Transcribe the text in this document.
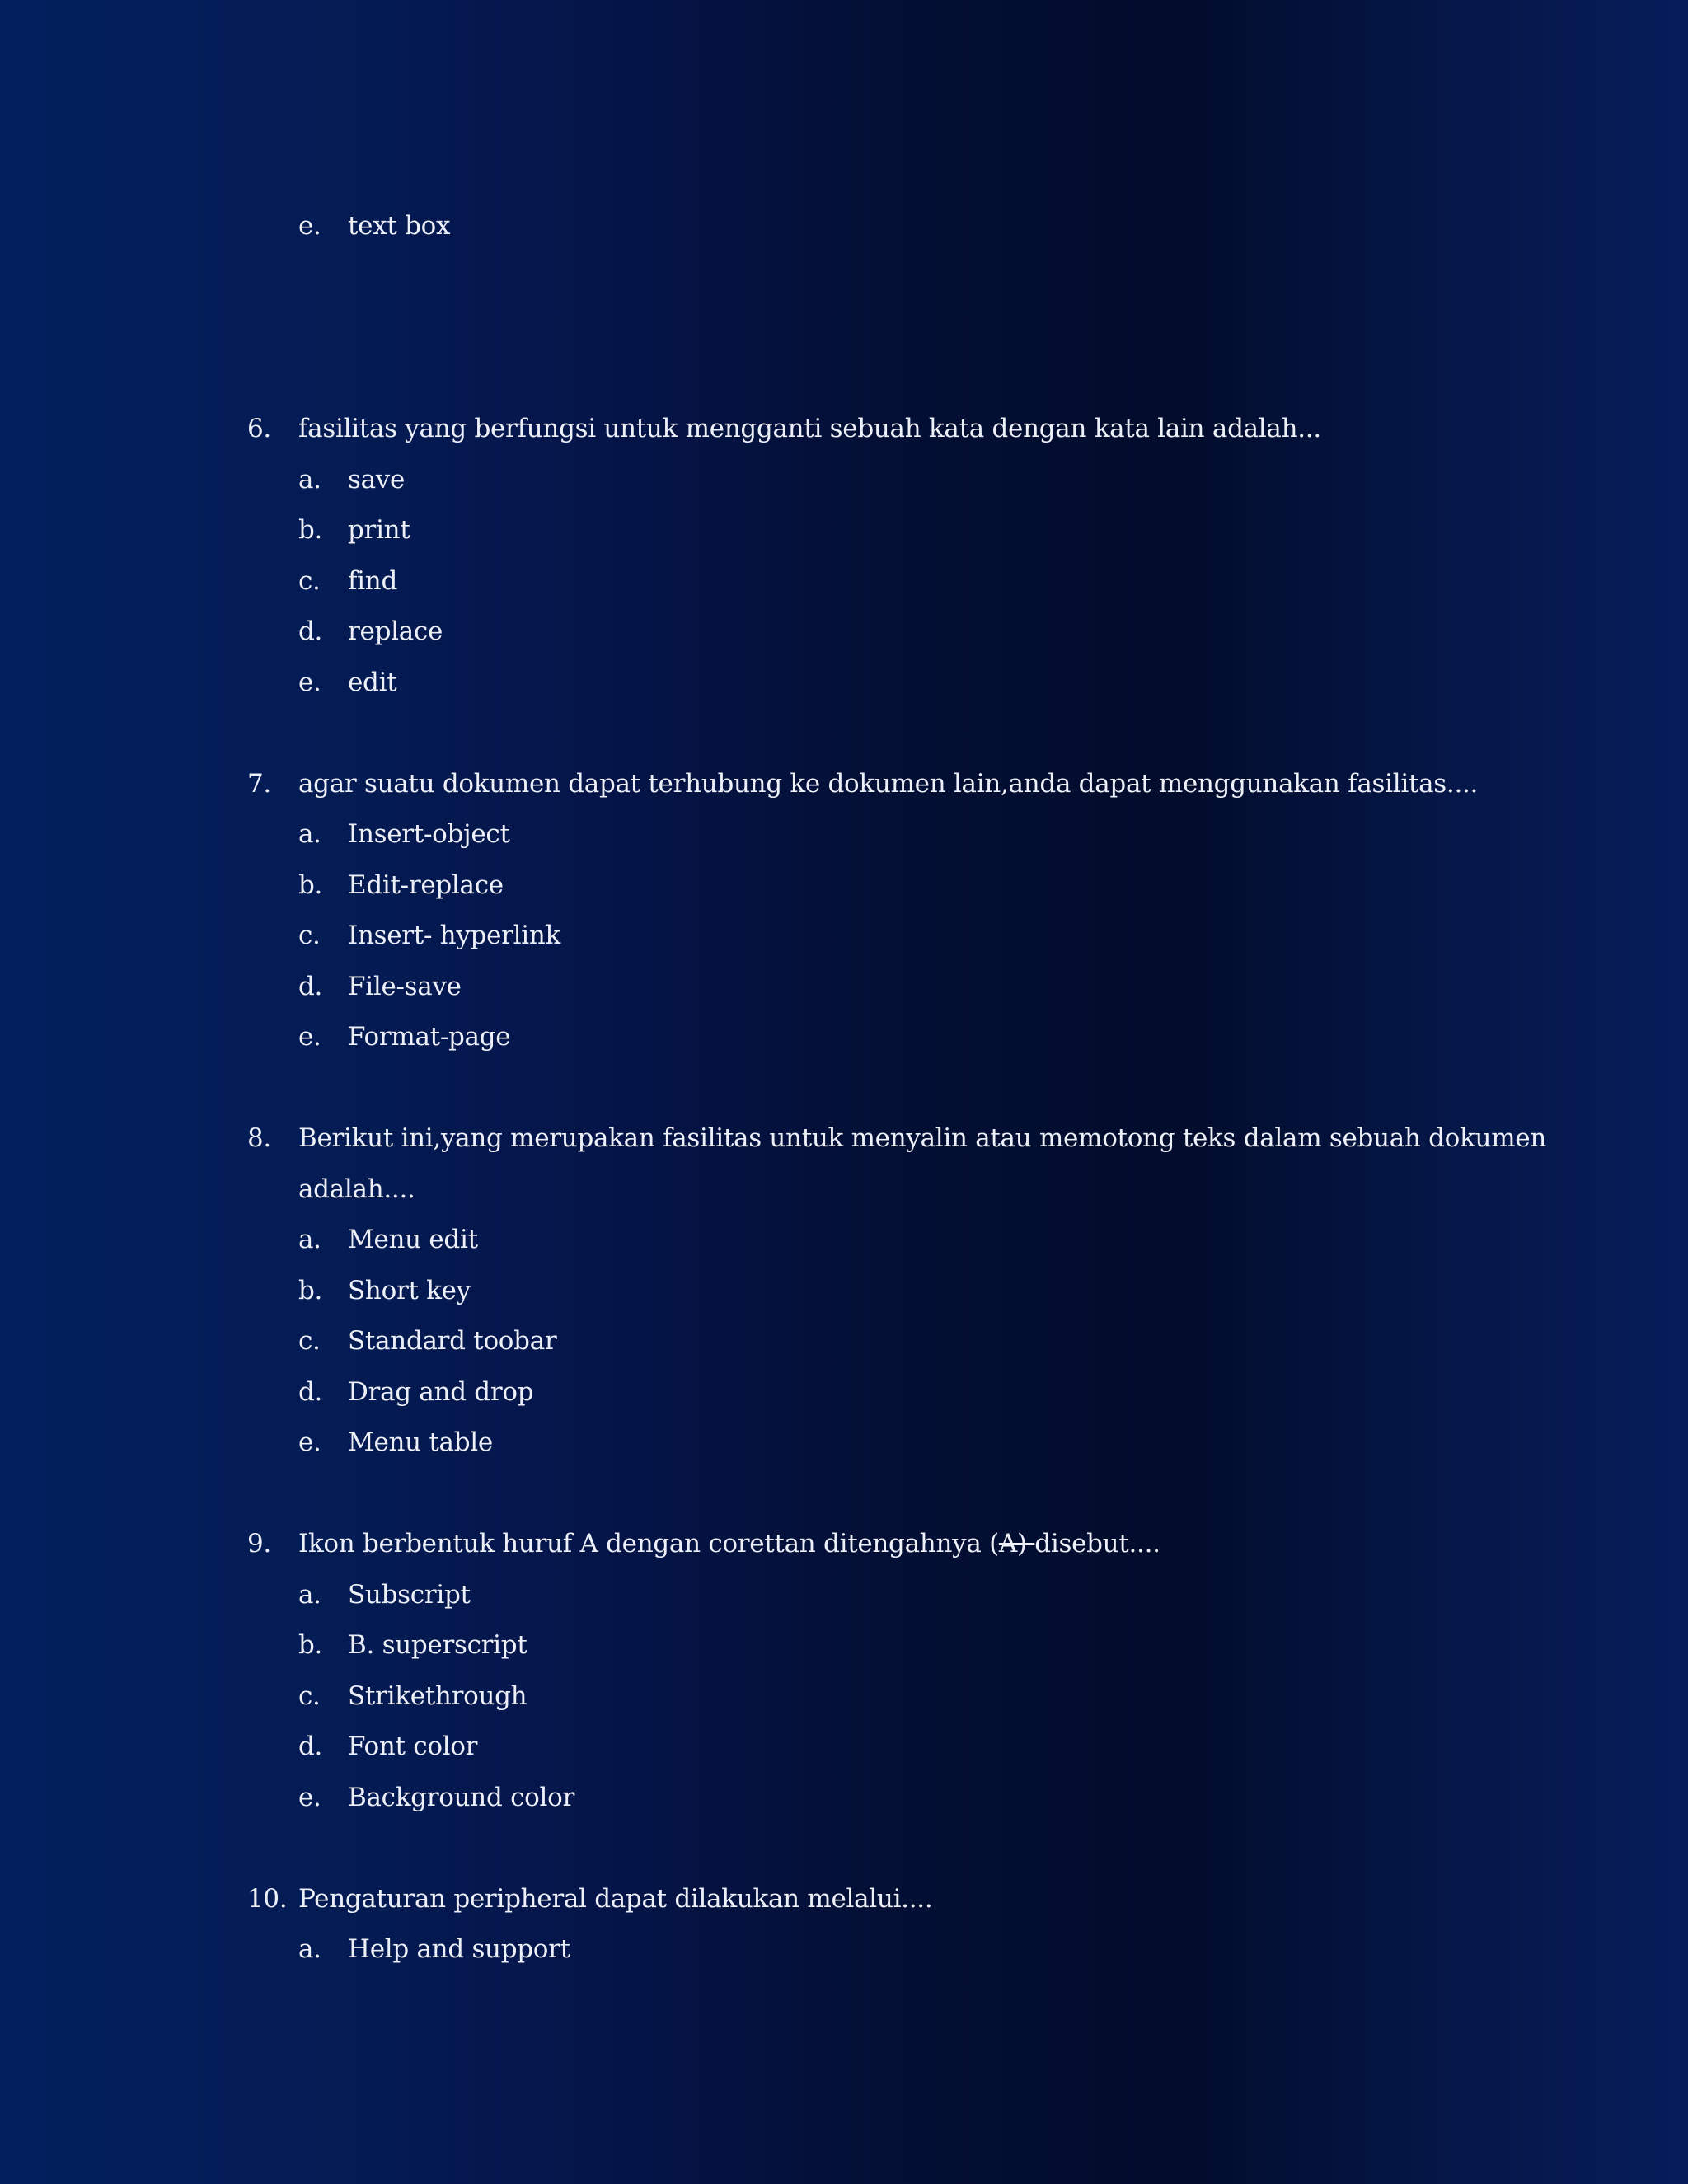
e. text box
6. fasilitas yang berfungsi untuk mengganti sebuah kata dengan kata lain adalah...
a. save
b. print
c. find
d. replace
e. edit
7. agar suatu dokumen dapat terhubung ke dokumen lain,anda dapat menggunakan fasilitas....
a. Insert-object
b. Edit-replace
c. Insert- hyperlink
d. File-save
e. Format-page
8. Berikut ini,yang merupakan fasilitas untuk menyalin atau memotong teks dalam sebuah dokumen
adalah....
a. Menu edit
b. Short key
c. Standard toobar
d. Drag and drop
e. Menu table
9. Ikon berbentuk huruf A dengan corettan ditengahnya (A) disebut....
a. Subscript
b. B. superscript
c. Strikethrough
d. Font color
e. Background color
10. Pengaturan peripheral dapat dilakukan melalui....
a. Help and support
